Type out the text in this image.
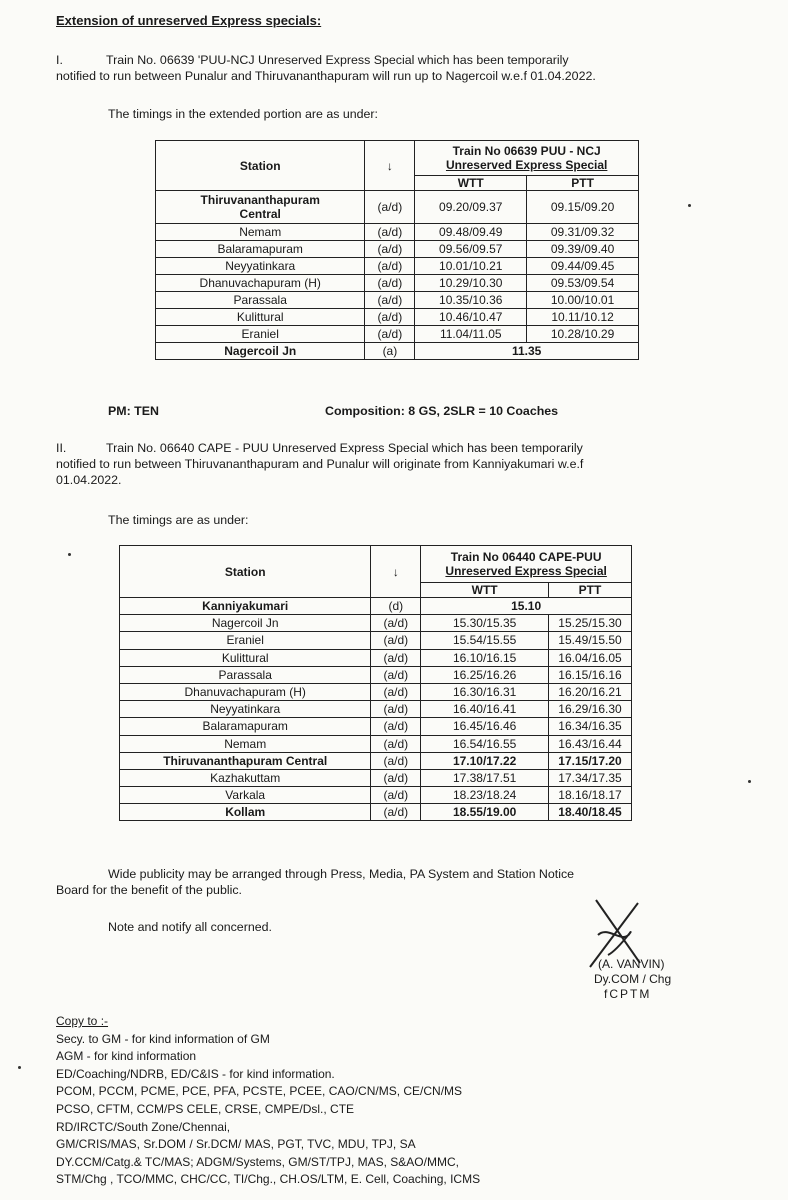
Extension of unreserved Express specials:
I.	Train No. 06639 'PUU-NCJ Unreserved Express Special which has been temporarily
notified to run between Punalur and Thiruvananthapuram will run up to Nagercoil w.e.f 01.04.2022.
The timings in the extended portion are as under:
Station	↓	Train No 06639 PUU - NCJ
Unreserved Express Special	

		WTT	PTT

Thiruvananthapuram
Central	(a/d)	09.20/09.37	09.15/09.20
Nemam	(a/d)	09.48/09.49	09.31/09.32
Balaramapuram	(a/d)	09.56/09.57	09.39/09.40
Neyyatinkara	(a/d)	10.01/10.21	09.44/09.45
Dhanuvachapuram (H)	(a/d)	10.29/10.30	09.53/09.54
Parassala	(a/d)	10.35/10.36	10.00/10.01
Kulittural	(a/d)	10.46/10.47	10.11/10.12
Eraniel	(a/d)	11.04/11.05	10.28/10.29
Nagercoil Jn	(a)	11.35	
PM: TEN	Composition: 8 GS, 2SLR = 10 Coaches
II.	Train No. 06640 CAPE - PUU Unreserved Express Special which has been temporarily
notified to run between Thiruvananthapuram and Punalur will originate from Kanniyakumari w.e.f
01.04.2022.
The timings are as under:
Station	↓	Train No 06440 CAPE-PUU
Unreserved Express Special	

		WTT	PTT
Kanniyakumari	(d)	15.10	
Nagercoil Jn	(a/d)	15.30/15.35	15.25/15.30
Eraniel	(a/d)	15.54/15.55	15.49/15.50
Kulittural	(a/d)	16.10/16.15	16.04/16.05
Parassala	(a/d)	16.25/16.26	16.15/16.16
Dhanuvachapuram (H)	(a/d)	16.30/16.31	16.20/16.21
Neyyatinkara	(a/d)	16.40/16.41	16.29/16.30
Balaramapuram	(a/d)	16.45/16.46	16.34/16.35
Nemam	(a/d)	16.54/16.55	16.43/16.44
Thiruvananthapuram Central	(a/d)	17.10/17.22	17.15/17.20
Kazhakuttam	(a/d)	17.38/17.51	17.34/17.35
Varkala	(a/d)	18.23/18.24	18.16/18.17
Kollam	(a/d)	18.55/19.00	18.40/18.45
Wide publicity may be arranged through Press, Media, PA System and Station Notice
Board for the benefit of the public.
Note and notify all concerned.
(A. VANVIN)
Dy.COM / Chg
fCPTM
Copy to :-
Secy. to GM - for kind information of GM
AGM - for kind information
ED/Coaching/NDRB, ED/C&IS - for kind information.
PCOM, PCCM, PCME, PCE, PFA, PCSTE, PCEE, CAO/CN/MS, CE/CN/MS
PCSO, CFTM, CCM/PS CELE, CRSE, CMPE/Dsl., CTE
RD/IRCTC/South Zone/Chennai,
GM/CRIS/MAS, Sr.DOM / Sr.DCM/ MAS, PGT, TVC, MDU, TPJ, SA
DY.CCM/Catg.& TC/MAS; ADGM/Systems, GM/ST/TPJ, MAS, S&AO/MMC,
STM/Chg , TCO/MMC, CHC/CC, TI/Chg., CH.OS/LTM, E. Cell, Coaching, ICMS
